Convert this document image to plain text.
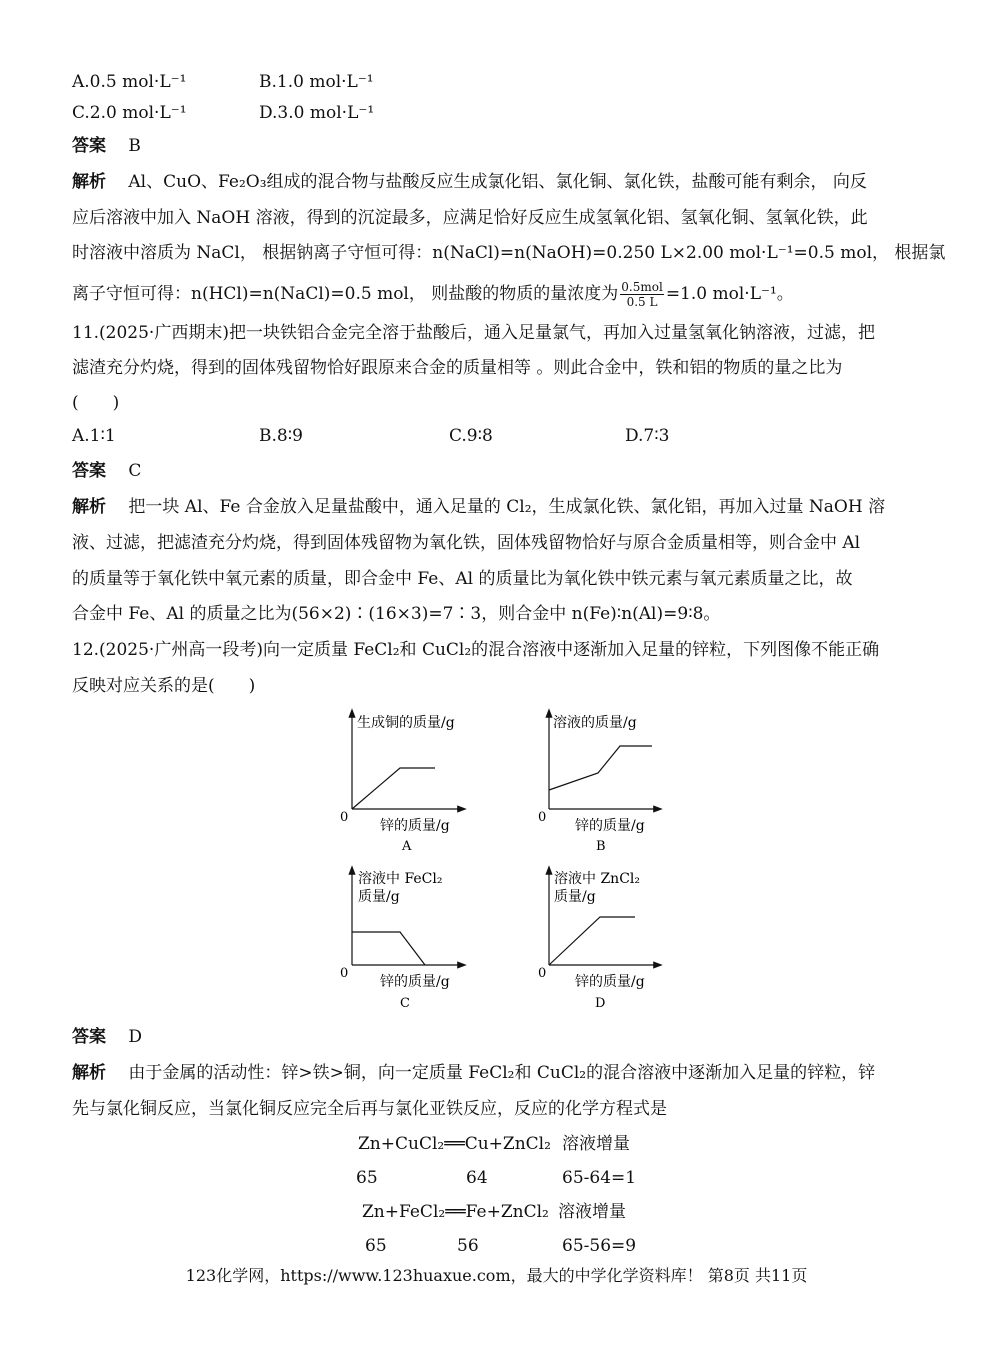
A.0.5 mol·L⁻¹	B.1.0 mol·L⁻¹
C.2.0 mol·L⁻¹	D.3.0 mol·L⁻¹
答案　 B
解析　 Al、CuO、Fe₂O₃组成的混合物与盐酸反应生成氯化铝、氯化铜、氯化铁，盐酸可能有剩余， 向反
应后溶液中加入 NaOH 溶液，得到的沉淀最多，应满足恰好反应生成氢氧化铝、氢氧化铜、氢氧化铁，此
时溶液中溶质为 NaCl， 根据钠离子守恒可得：n(NaCl)=n(NaOH)=0.250 L×2.00 mol·L⁻¹=0.5 mol， 根据氯
离子守恒可得：n(HCl)=n(NaCl)=0.5 mol， 则盐酸的物质的量浓度为 $\frac{\text{0.5mol}}{0.5 L} =1.0$ mol·L⁻¹。
11.(2025·广西期末)把一块铁铝合金完全溶于盐酸后，通入足量氯气，再加入过量氢氧化钠溶液，过滤，把
滤渣充分灼烧，得到的固体残留物恰好跟原来合金的质量相等 。则此合金中，铁和铝的物质的量之比为
(　　)
A.1∶1	B.8∶9	C.9∶8	D.7∶3
答案　 C
解析　 把一块 Al、Fe 合金放入足量盐酸中，通入足量的 Cl₂，生成氯化铁、氯化铝，再加入过量 NaOH 溶
液、过滤，把滤渣充分灼烧，得到固体残留物为氧化铁，固体残留物恰好与原合金质量相等，则合金中 Al
的质量等于氧化铁中氧元素的质量，即合金中 Fe、Al 的质量比为氧化铁中铁元素与氧元素质量之比，故
合金中 Fe、Al 的质量之比为(56×2)∶(16×3)=7∶3，则合金中 n(Fe)∶n(Al)=9∶8。
12.(2025·广州高一段考)向一定质量 FeCl₂和 CuCl₂的混合溶液中逐渐加入足量的锌粒，下列图像不能正确
反映对应关系的是(　　)
生成铜的质量/g
0
锌的质量/g
A
溶液的质量/g
0
锌的质量/g
B
溶液中 FeCl₂
质量/g
0
锌的质量/g
C
溶液中 ZnCl₂
质量/g
0
锌的质量/g
D
答案　 D
解析　 由于金属的活动性：锌>铁>铜，向一定质量 FeCl₂和 CuCl₂的混合溶液中逐渐加入足量的锌粒，锌
先与氯化铜反应，当氯化铜反应完全后再与氯化亚铁反应，反应的化学方程式是
Zn+CuCl₂══Cu+ZnCl₂ 溶液增量
65	64	65-64=1
Zn+FeCl₂══Fe+ZnCl₂ 溶液增量
65	56	65-56=9
123化学网，https://www.123huaxue.com，最大的中学化学资料库！ 第8页 共11页
